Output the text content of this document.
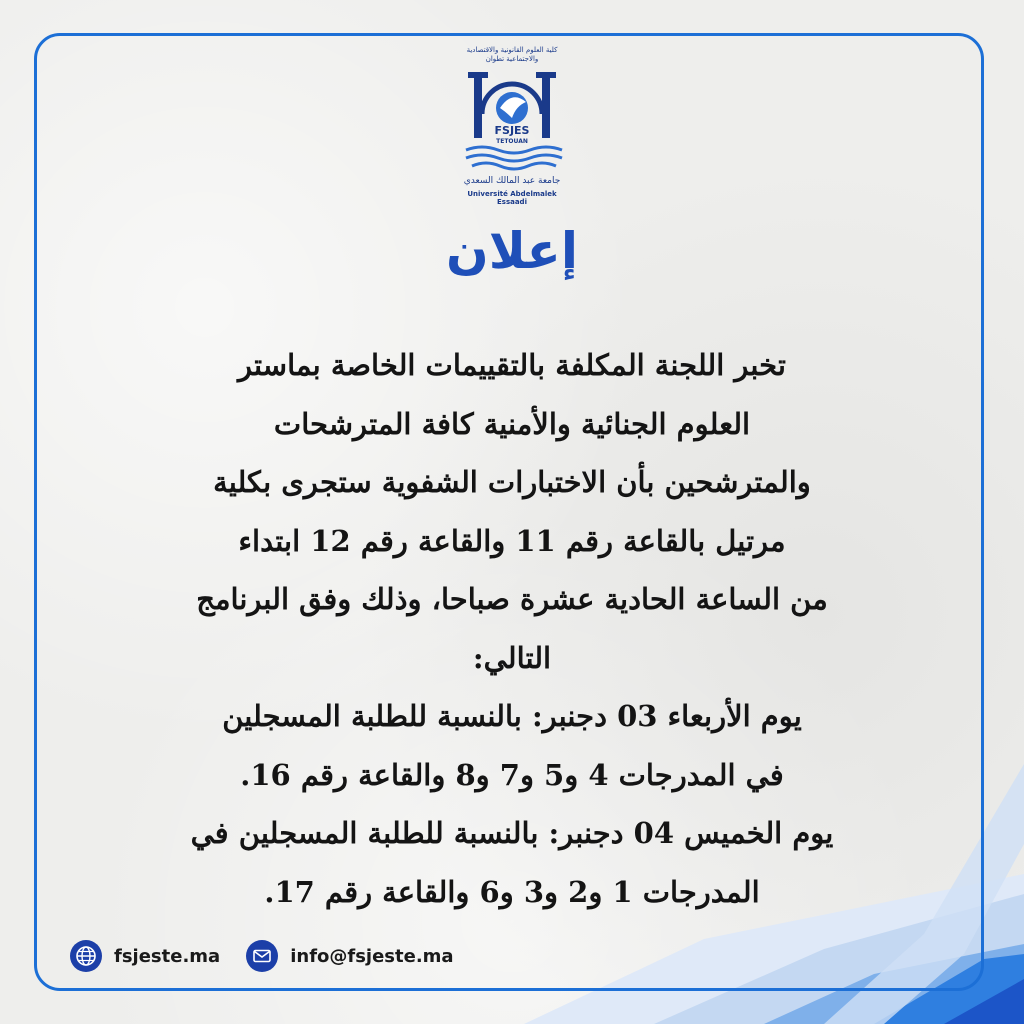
كلية العلوم القانونية والاقتصادية والاجتماعية تطوان
FSJES
TETOUAN
جامعة عبد المالك السعدي
Université Abdelmalek Essaadi
إعلان
تخبر اللجنة المكلفة بالتقييمات الخاصة بماستر
العلوم الجنائية والأمنية كافة المترشحات
والمترشحين بأن الاختبارات الشفوية ستجرى بكلية
مرتيل بالقاعة رقم 11 والقاعة رقم 12 ابتداء
من الساعة الحادية عشرة صباحا، وذلك وفق البرنامج
التالي:
يوم الأربعاء 03 دجنبر: بالنسبة للطلبة المسجلين
في المدرجات 4 و5 و7 و8 والقاعة رقم 16.
يوم الخميس 04 دجنبر: بالنسبة للطلبة المسجلين في
المدرجات 1 و2 و3 و6 والقاعة رقم 17.
fsjeste.ma	info@fsjeste.ma
